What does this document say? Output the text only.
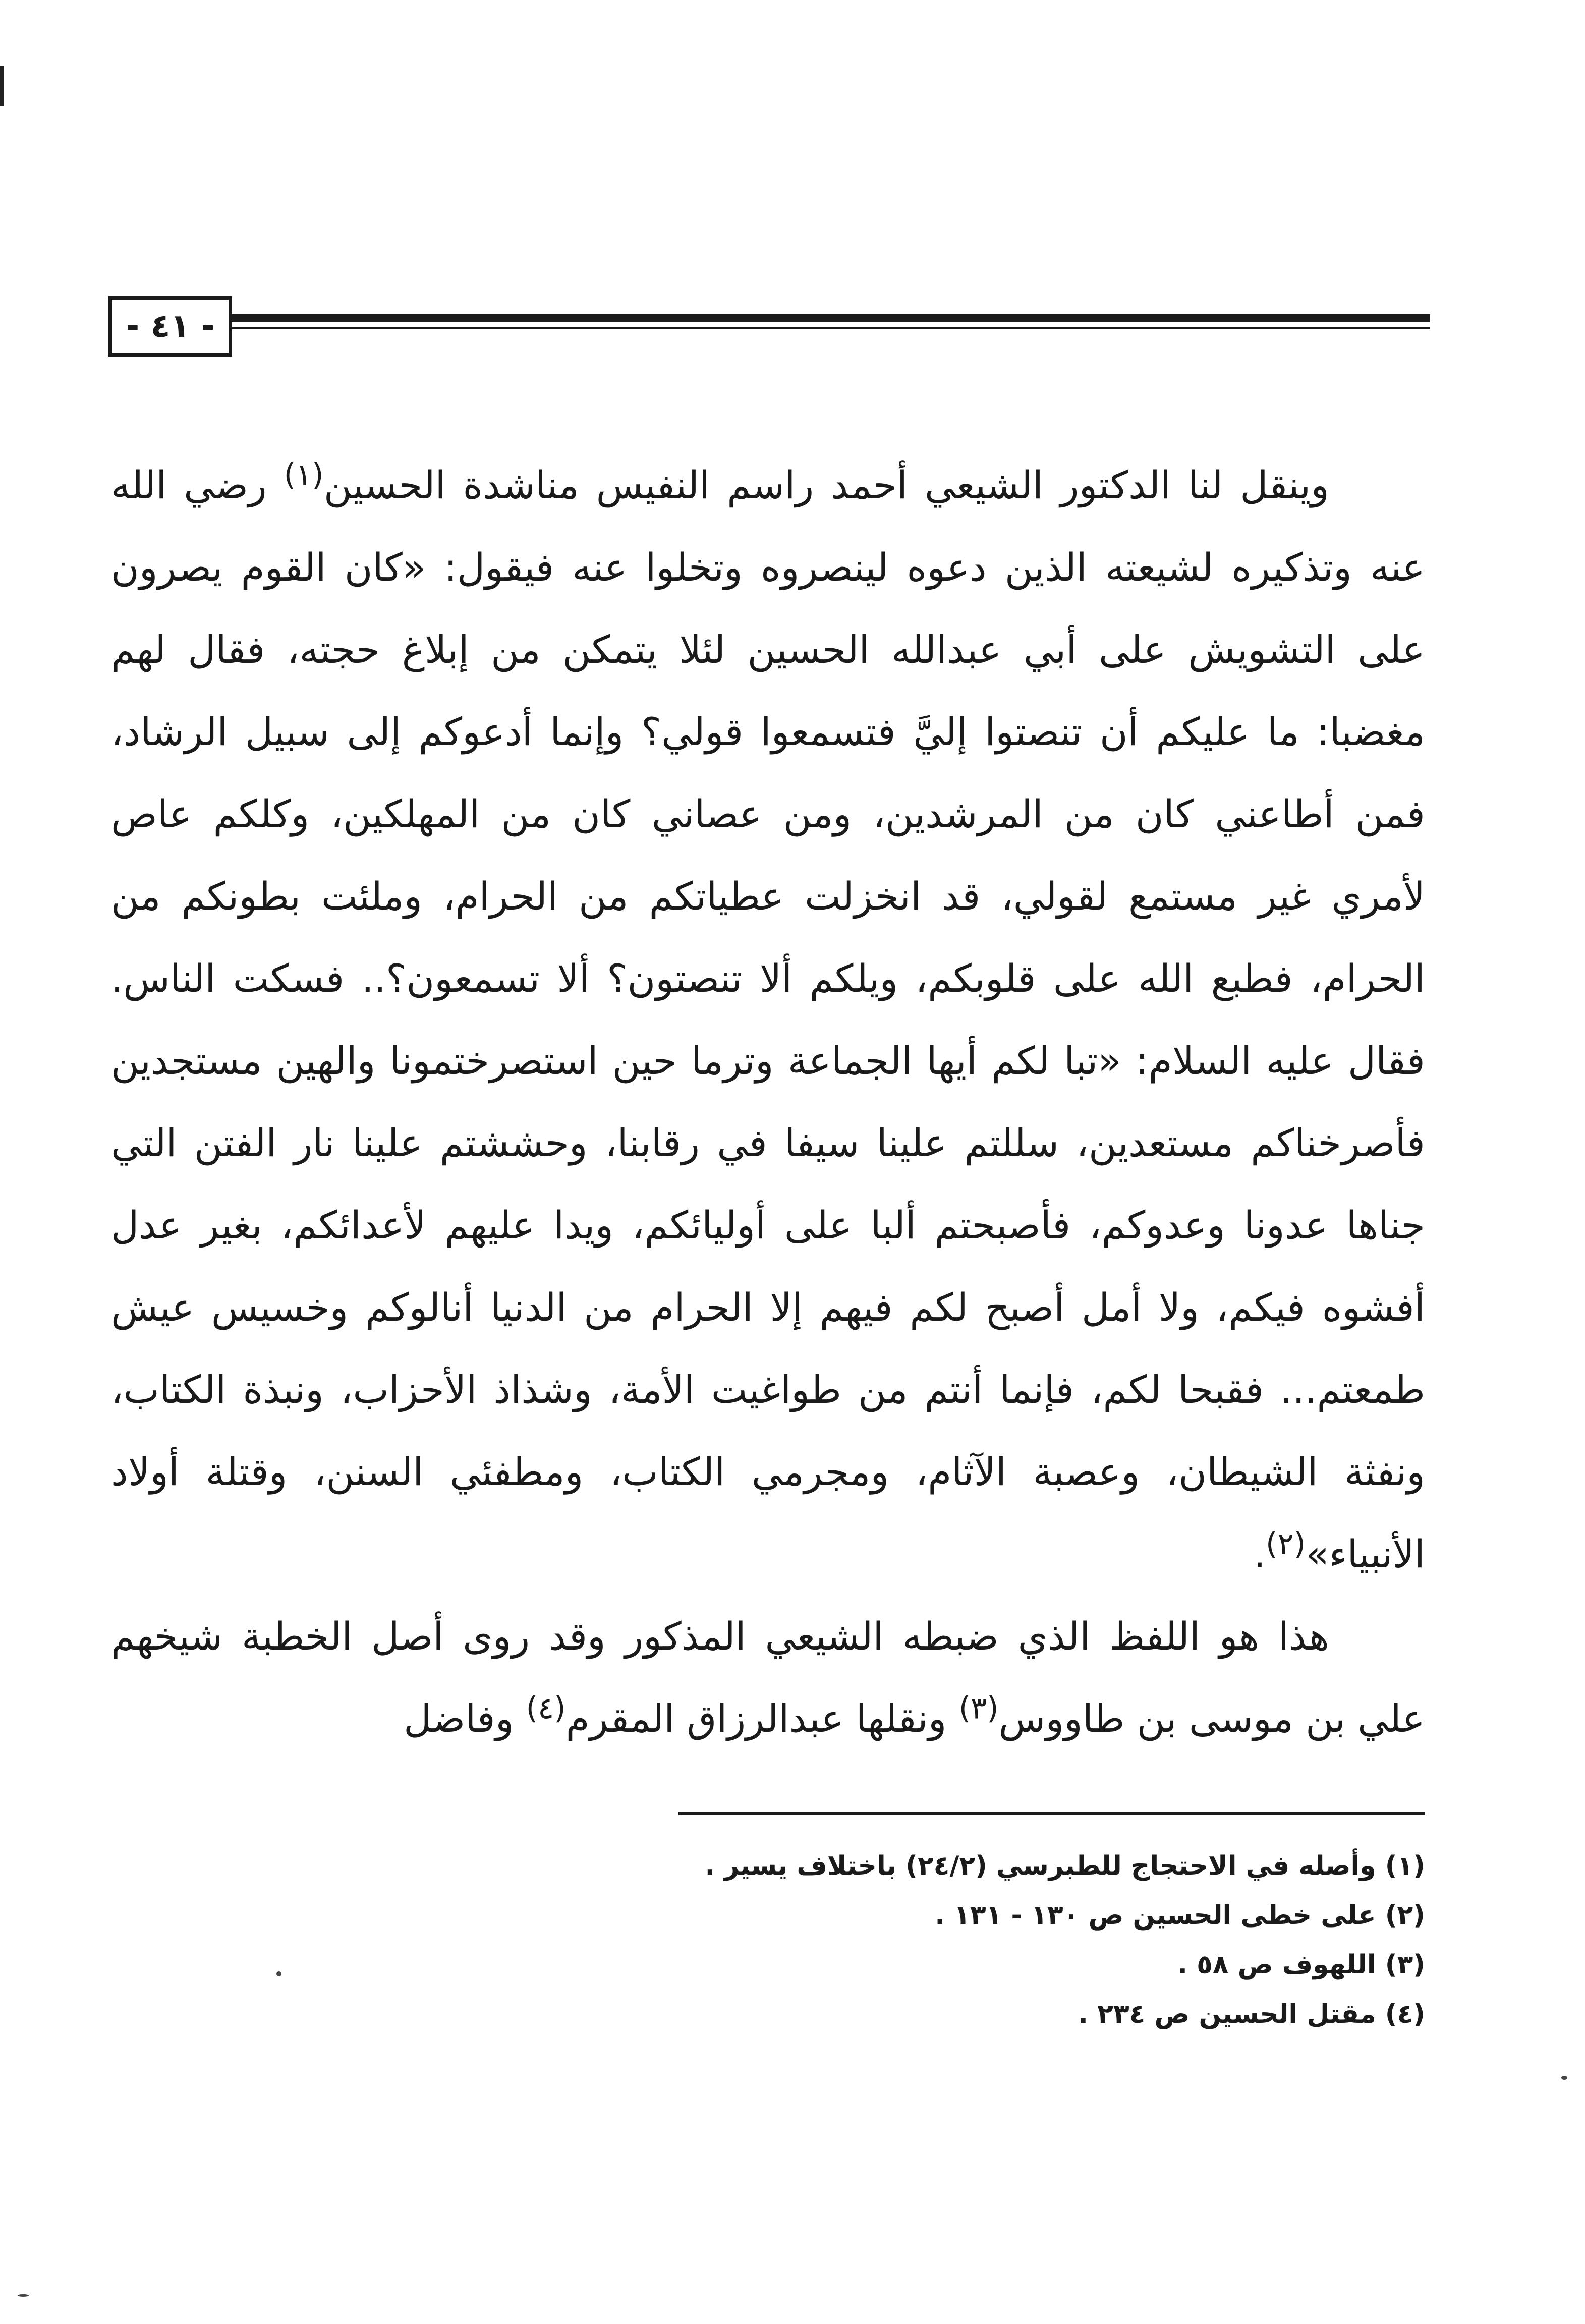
- ٤١ -

وينقل لنا الدكتور الشيعي أحمد راسم النفيس مناشدة الحسين$^{(١)}$ رضي الله عنه وتذكيره لشيعته الذين دعوه لينصروه وتخلوا عنه فيقول: «كان القوم يصرون على التشويش على أبي عبدالله الحسين لئلا يتمكن من إبلاغ حجته، فقال لهم مغضبا: ما عليكم أن تنصتوا إليَّ فتسمعوا قولي؟ وإنما أدعوكم إلى سبيل الرشاد، فمن أطاعني كان من المرشدين، ومن عصاني كان من المهلكين، وكلكم عاص لأمري غير مستمع لقولي، قد انخزلت عطياتكم من الحرام، وملئت بطونكم من الحرام، فطبع الله على قلوبكم، ويلكم ألا تنصتون؟ ألا تسمعون؟.. فسكت الناس. فقال عليه السلام: «تبا لكم أيها الجماعة وترما حين استصرختمونا والهين مستجدين فأصرخناكم مستعدين، سللتم علينا سيفا في رقابنا، وحششتم علينا نار الفتن التي جناها عدونا وعدوكم، فأصبحتم ألبا على أوليائكم، ويدا عليهم لأعدائكم، بغير عدل أفشوه فيكم، ولا أمل أصبح لكم فيهم إلا الحرام من الدنيا أنالوكم وخسيس عيش طمعتم... فقبحا لكم، فإنما أنتم من طواغيت الأمة، وشذاذ الأحزاب، ونبذة الكتاب، ونفثة الشيطان، وعصبة الآثام، ومجرمي الكتاب، ومطفئي السنن، وقتلة أولاد الأنبياء»$^{(٢)}$.

هذا هو اللفظ الذي ضبطه الشيعي المذكور وقد روى أصل الخطبة شيخهم علي بن موسى بن طاووس$^{(٣)}$ ونقلها عبدالرزاق المقرم$^{(٤)}$ وفاضل

(١) وأصله في الاحتجاج للطبرسي (٢٤/٢) باختلاف يسير .

(٢) على خطى الحسين ص ١٣٠ - ١٣١ .

(٣) اللهوف ص ٥٨ .

(٤) مقتل الحسين ص ٢٣٤ .
